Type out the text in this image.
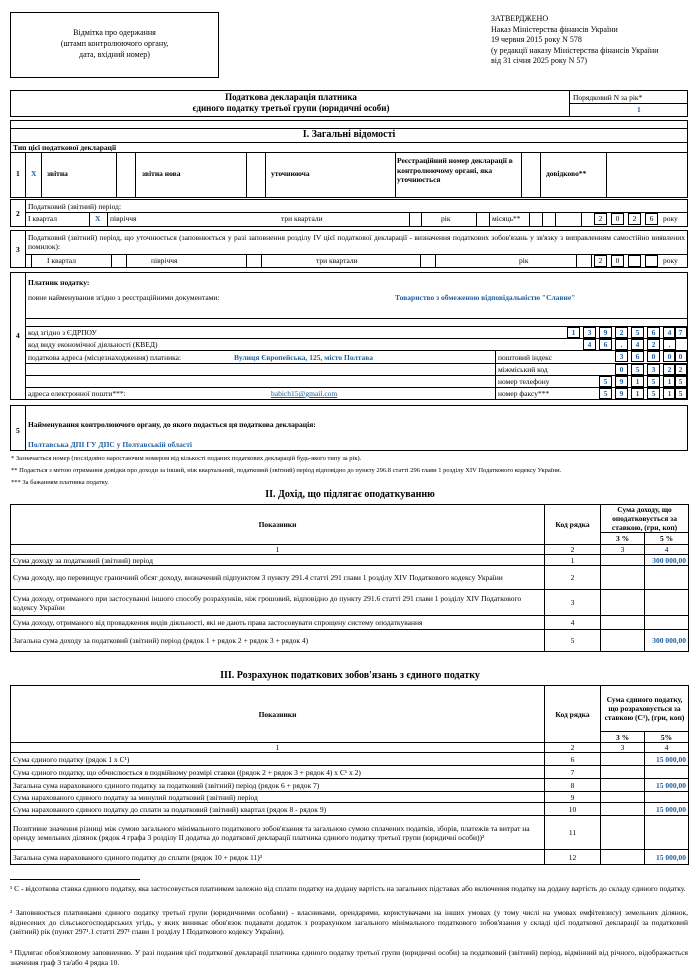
Відмітка про одержання
(штамп контролюючого органу,
дата, вхідний номер)
ЗАТВЕРДЖЕНО
Наказ Міністерства фінансів України
19 червня 2015 року N 578
(у редакції наказу Міністерства фінансів України
від 31 січня 2025 року N 57)
Податкова декларація платника
єдиного податку третьої групи (юридичні особи)
Порядковий N за рік*
1
І. Загальні відомості
Тип цієї податкової декларації
1 X звітна	звітна нова	уточнююча
Реєстраційний номер декларації в контролюючому органі, яка уточнюється
довідково**
2
Податковий (звітний) період:
І квартал	X півріччя	три квартали	рік	місяць**	2	0	2	6	року
3
Податковий (звітний) період, що уточнюється (заповнюється у разі заповнення розділу IV цієї податкової декларації - визначення податкових зобов'язань у зв'язку з виправленням самостійно виявлених помилок):
І квартал	півріччя	три квартали	рік	2	0	року
4
Платник податку:
повне найменування згідно з реєстраційними документами:	Товариство з обмеженою відповідальністю "Славне"
код згідно з ЄДРПОУ	1	3	9	2	5	6	4 7
код виду економічної діяльності (КВЕД)	4	6	.	4	2	.
податкова адреса (місцезнаходження) платника:	Вулиця Європейська, 125, місто Полтава	поштовий індекс	3	6	0	0 0
міжміський код	0	5	3	2 2
номер телефону	5	9	1	5	1 5
адреса електронної пошти***:	babich15@gmail.com	номер факсу***	5	9	1	5	1 5
5
Найменування контролюючого органу, до якого подається ця податкова декларація:
Полтавська ДПІ ГУ ДПС у Полтавській області
* Зазначається номер (послідовно наростаючим номером від кількості поданих податкових декларацій будь-якого типу за рік).
** Подається з метою отримання довідки про доходи за інший, ніж квартальний, податковий (звітний) період відповідно до пункту 296.8 статті 296 глави 1 розділу XIV Податкового кодексу України.
*** За бажанням платника податку.
ІІ. Дохід, що підлягає оподаткуванню
Показники	Код рядка	Сума доходу, що оподатковується за ставкою, (грн, коп)	
		3 %	5 %
1	2	3	4
Сума доходу за податковий (звітний) період	1		300 000,00
Сума доходу, що перевищує граничний обсяг доходу, визначений підпунктом 3 пункту 291.4 статті 291 глави 1 розділу XIV Податкового кодексу України	2		
Сума доходу, отриманого при застосуванні іншого способу розрахунків, ніж грошовий, відповідно до пункту 291.6 статті 291 глави 1 розділу XIV Податкового кодексу України	3		
Сума доходу, отриманого від провадження видів діяльності, які не дають права застосовувати спрощену систему оподаткування	4		
Загальна сума доходу за податковий (звітний) період (рядок 1 + рядок 2 + рядок 3 + рядок 4)	5		300 000,00
ІІІ. Розрахунок податкових зобов'язань з єдиного податку
Показники	Код рядка	Сума єдиного податку, що розраховується за ставкою (С¹), (грн, коп)	
		3 %	5%
1	2	3	4
Сума єдиного податку (рядок 1 х С¹)	6		15 000,00
Сума єдиного податку, що обчислюється в подвійному розмірі ставки ((рядок 2 + рядок 3 + рядок 4) х С¹ х 2)	7		
Загальна сума нарахованого єдиного податку за податковий (звітний) період (рядок 6 + рядок 7)	8		15 000,00
Сума нарахованого єдиного податку за минулий податковий (звітний) період	9		
Сума нарахованого єдиного податку до сплати за податковий (звітний) квартал (рядок 8 - рядок 9)	10		15 000,00
Позитивне значення різниці між сумою загального мінімального податкового зобов'язання та загальною сумою сплачених податків, зборів, платежів та витрат на оренду земельних ділянок (рядок 4 графа 3 розділу ІІ додатка до податкової декларації платника єдиного податку третьої групи (юридичні особи))²	11		
Загальна сума нарахованого єдиного податку до сплати (рядок 10 + рядок 11)³	12		15 000,00
¹ С - відсоткова ставка єдиного податку, яка застосовується платником залежно від сплати податку на додану вартість на загальних підставах або включення податку на додану вартість до складу єдиного податку.
² Заповнюється платниками єдиного податку третьої групи (юридичними особами) - власниками, орендарями, користувачами на інших умовах (у тому числі на умовах емфітевзису) земельних ділянок, віднесених до сільськогосподарських угідь, у яких виникає обов'язок подавати додаток з розрахунком загального мінімального податкового зобов'язання у складі цієї податкової декларації за податковий (звітний) рік (пункт 297¹.1 статті 297¹ глави 1 розділу І Податкового кодексу України).
³ Підлягає обов'язковому заповненню. У разі подання цієї податкової декларації платника єдиного податку третьої групи (юридичні особи) за податковий (звітний) період, відмінний від річного, відображається значення граф 3 та/або 4 рядка 10.
